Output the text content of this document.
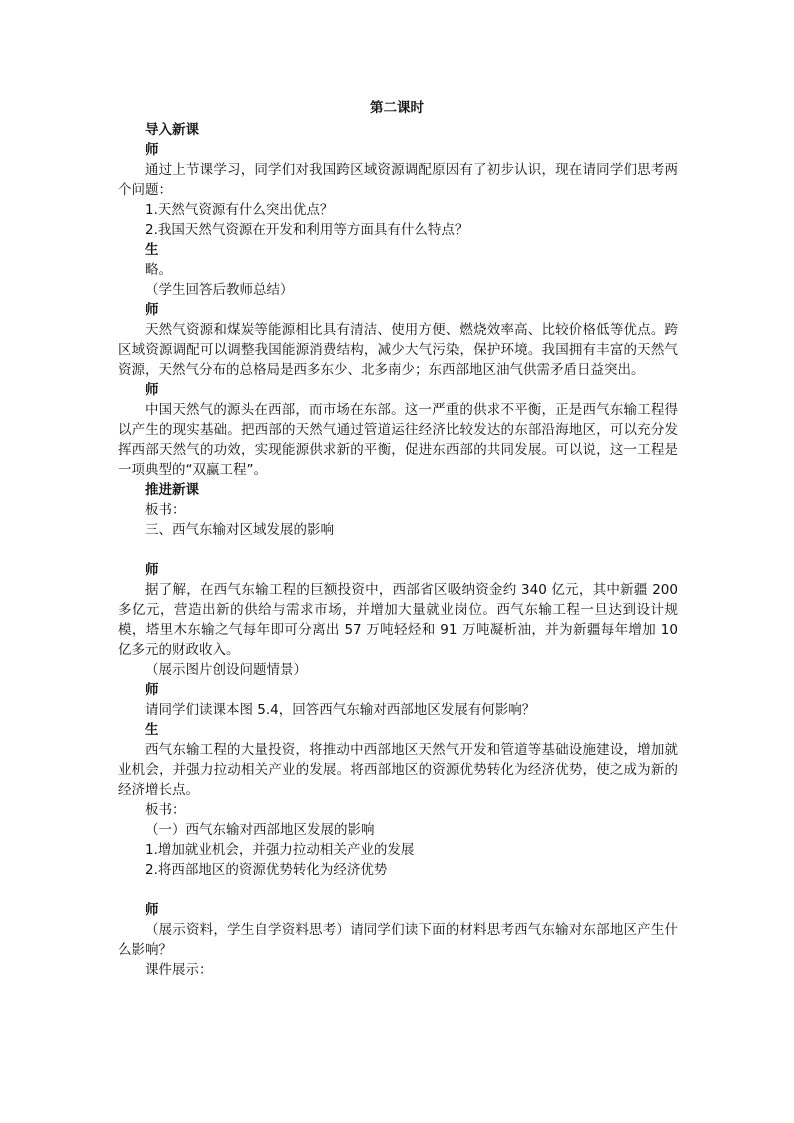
第二课时

导入新课

师

通过上节课学习，同学们对我国跨区域资源调配原因有了初步认识，现在请同学们思考两个问题：

1.天然气资源有什么突出优点？

2.我国天然气资源在开发和利用等方面具有什么特点？

生

略。

（学生回答后教师总结）

师

天然气资源和煤炭等能源相比具有清洁、使用方便、燃烧效率高、比较价格低等优点。跨区域资源调配可以调整我国能源消费结构，减少大气污染，保护环境。我国拥有丰富的天然气资源，天然气分布的总格局是西多东少、北多南少；东西部地区油气供需矛盾日益突出。

师

中国天然气的源头在西部，而市场在东部。这一严重的供求不平衡，正是西气东输工程得以产生的现实基础。把西部的天然气通过管道运往经济比较发达的东部沿海地区，可以充分发挥西部天然气的功效，实现能源供求新的平衡，促进东西部的共同发展。可以说，这一工程是一项典型的“双赢工程”。

推进新课

板书：

三、西气东输对区域发展的影响

师

据了解，在西气东输工程的巨额投资中，西部省区吸纳资金约 340 亿元，其中新疆 200 多亿元，营造出新的供给与需求市场，并增加大量就业岗位。西气东输工程一旦达到设计规模，塔里木东输之气每年即可分离出 57 万吨轻烃和 91 万吨凝析油，并为新疆每年增加 10 亿多元的财政收入。

（展示图片创设问题情景）

师

请同学们读课本图 5.4，回答西气东输对西部地区发展有何影响？

生

西气东输工程的大量投资，将推动中西部地区天然气开发和管道等基础设施建设，增加就业机会，并强力拉动相关产业的发展。将西部地区的资源优势转化为经济优势，使之成为新的经济增长点。

板书：

（一）西气东输对西部地区发展的影响

1.增加就业机会，并强力拉动相关产业的发展

2.将西部地区的资源优势转化为经济优势

师

（展示资料，学生自学资料思考）请同学们读下面的材料思考西气东输对东部地区产生什么影响？

课件展示：
